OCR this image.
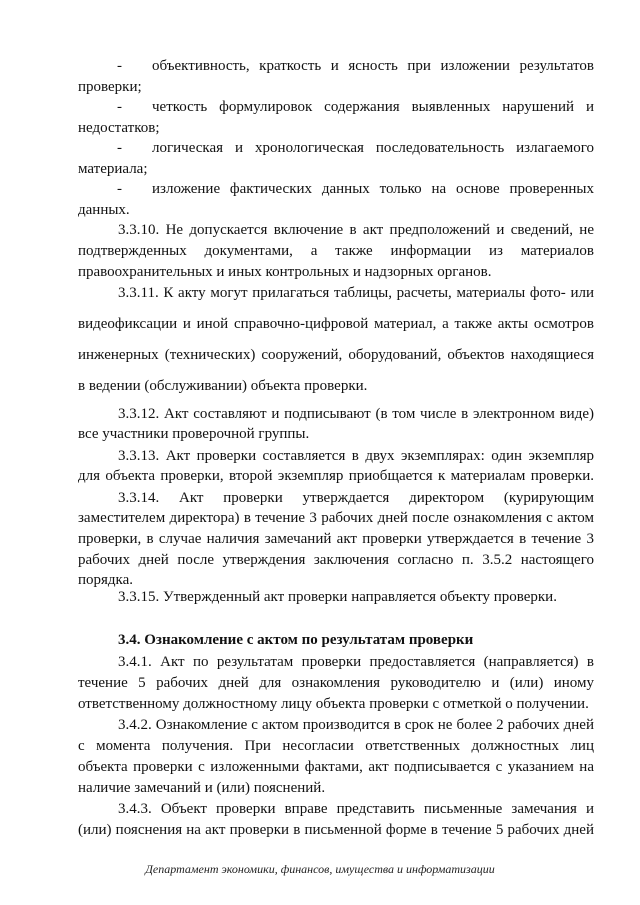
- объективность, краткость и ясность при изложении результатов
проверки;
- четкость формулировок содержания выявленных нарушений и
недостатков;
- логическая и хронологическая последовательность излагаемого
материала;
- изложение фактических данных только на основе проверенных
данных.
3.3.10. Не допускается включение в акт предположений и сведений, не
подтвержденных документами, а также информации из материалов
правоохранительных и иных контрольных и надзорных органов.
3.3.11. К акту могут прилагаться таблицы, расчеты, материалы фото- или
видеофиксации и иной справочно-цифровой материал, а также акты осмотров
инженерных (технических) сооружений, оборудований, объектов находящиеся
в ведении (обслуживании) объекта проверки.
3.3.12. Акт составляют и подписывают (в том числе в электронном виде)
все участники проверочной группы.
3.3.13. Акт проверки составляется в двух экземплярах: один экземпляр
для объекта проверки, второй экземпляр приобщается к материалам проверки.
3.3.14. Акт проверки утверждается директором (курирующим
заместителем директора) в течение 3 рабочих дней после ознакомления с актом
проверки, в случае наличия замечаний акт проверки утверждается в течение 3
рабочих дней после утверждения заключения согласно п. 3.5.2 настоящего
порядка.
3.3.15. Утвержденный акт проверки направляется объекту проверки.
3.4. Ознакомление с актом по результатам проверки
3.4.1. Акт по результатам проверки предоставляется (направляется) в
течение 5 рабочих дней для ознакомления руководителю и (или) иному
ответственному должностному лицу объекта проверки с отметкой о получении.
3.4.2. Ознакомление с актом производится в срок не более 2 рабочих дней
с момента получения. При несогласии ответственных должностных лиц
объекта проверки с изложенными фактами, акт подписывается с указанием на
наличие замечаний и (или) пояснений.
3.4.3. Объект проверки вправе представить письменные замечания и
(или) пояснения на акт проверки в письменной форме в течение 5 рабочих дней
Департамент экономики, финансов, имущества и информатизации
